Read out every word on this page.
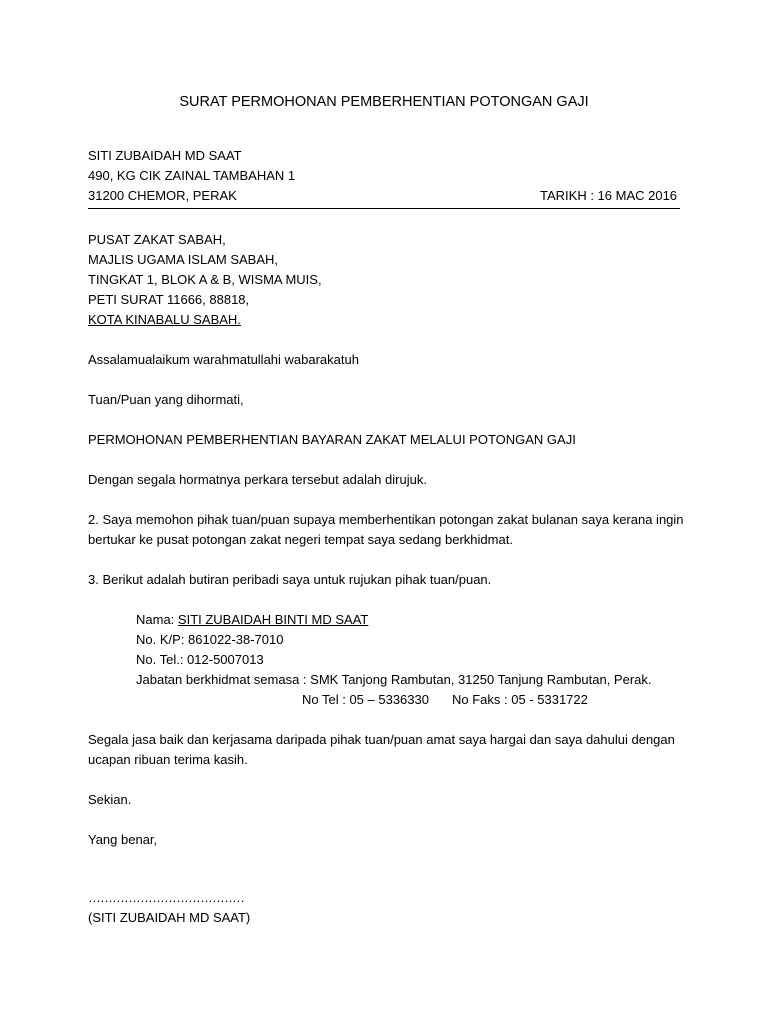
SURAT PERMOHONAN PEMBERHENTIAN POTONGAN GAJI
SITI ZUBAIDAH MD SAAT
490, KG CIK ZAINAL TAMBAHAN 1
31200 CHEMOR, PERAK	TARIKH : 16 MAC 2016
PUSAT ZAKAT SABAH,
MAJLIS UGAMA ISLAM SABAH,
TINGKAT 1, BLOK A & B, WISMA MUIS,
PETI SURAT 11666, 88818,
KOTA KINABALU SABAH.
Assalamualaikum warahmatullahi wabarakatuh
Tuan/Puan yang dihormati,
PERMOHONAN PEMBERHENTIAN BAYARAN ZAKAT MELALUI POTONGAN GAJI
Dengan segala hormatnya perkara tersebut adalah dirujuk.
2. Saya memohon pihak tuan/puan supaya memberhentikan potongan zakat bulanan saya kerana ingin
bertukar ke pusat potongan zakat negeri tempat saya sedang berkhidmat.
3. Berikut adalah butiran peribadi saya untuk rujukan pihak tuan/puan.
Nama: SITI ZUBAIDAH BINTI MD SAAT
No. K/P: 861022-38-7010
No. Tel.: 012-5007013
Jabatan berkhidmat semasa : SMK Tanjong Rambutan, 31250 Tanjung Rambutan, Perak.
No Tel : 05 – 5336330 No Faks : 05 - 5331722
Segala jasa baik dan kerjasama daripada pihak tuan/puan amat saya hargai dan saya dahului dengan
ucapan ribuan terima kasih.
Sekian.
Yang benar,
…………………………………
(SITI ZUBAIDAH MD SAAT)
